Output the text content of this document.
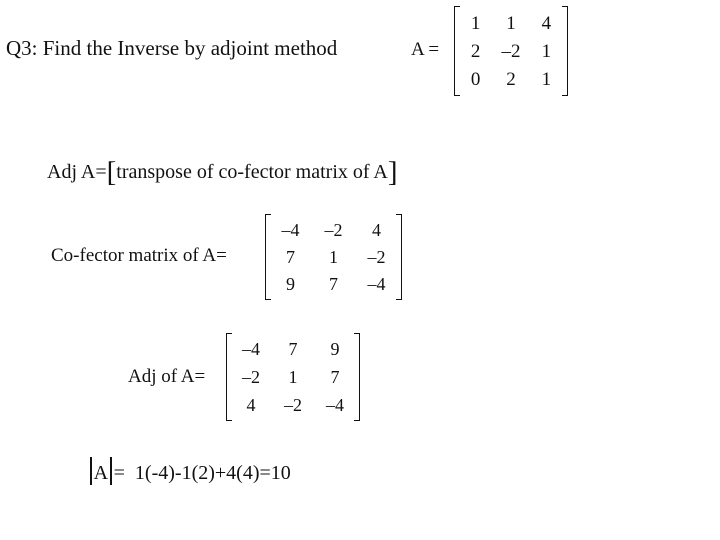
Q3: Find the Inverse by adjoint method	A =
1	1	4
2	–2	1
0	2	1
Adj A=[transpose of co-fector matrix of A]
Co-fector matrix of A=
–4	–2	4
7	1	–2
9	7	–4
Adj of A=
–4	7	9
–2	1	7
4	–2	–4
A = 1(-4)-1(2)+4(4)=10
